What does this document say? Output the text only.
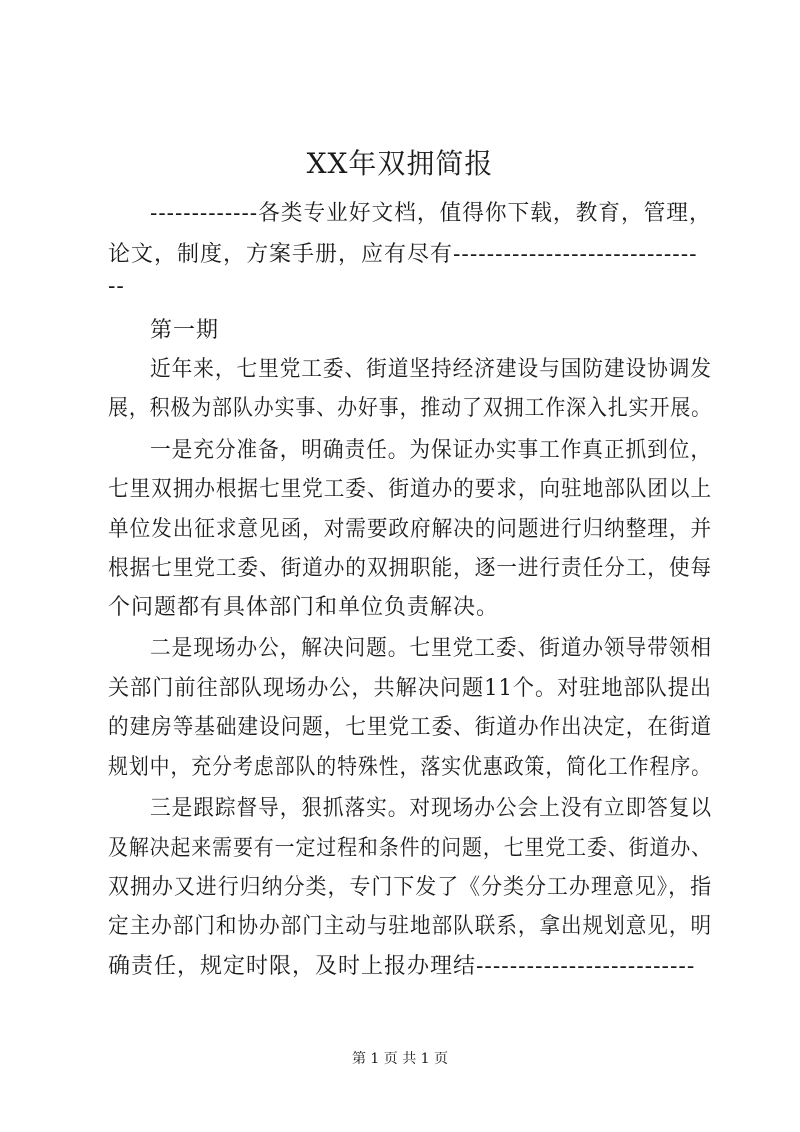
XX年双拥简报
-------------各类专业好文档，值得你下载，教育，管理，
论文，制度，方案手册，应有尽有-----------------------------
--
第一期
近年来，七里党工委、街道坚持经济建设与国防建设协调发
展，积极为部队办实事、办好事，推动了双拥工作深入扎实开展。
一是充分准备，明确责任。为保证办实事工作真正抓到位，
七里双拥办根据七里党工委、街道办的要求，向驻地部队团以上
单位发出征求意见函，对需要政府解决的问题进行归纳整理，并
根据七里党工委、街道办的双拥职能，逐一进行责任分工，使每
个问题都有具体部门和单位负责解决。
二是现场办公，解决问题。七里党工委、街道办领导带领相
关部门前往部队现场办公，共解决问题11个。对驻地部队提出
的建房等基础建设问题，七里党工委、街道办作出决定，在街道
规划中，充分考虑部队的特殊性，落实优惠政策，简化工作程序。
三是跟踪督导，狠抓落实。对现场办公会上没有立即答复以
及解决起来需要有一定过程和条件的问题，七里党工委、街道办、
双拥办又进行归纳分类，专门下发了《分类分工办理意见》，指
定主办部门和协办部门主动与驻地部队联系，拿出规划意见，明
确责任，规定时限，及时上报办理结--------------------------
第 1 页 共 1 页
